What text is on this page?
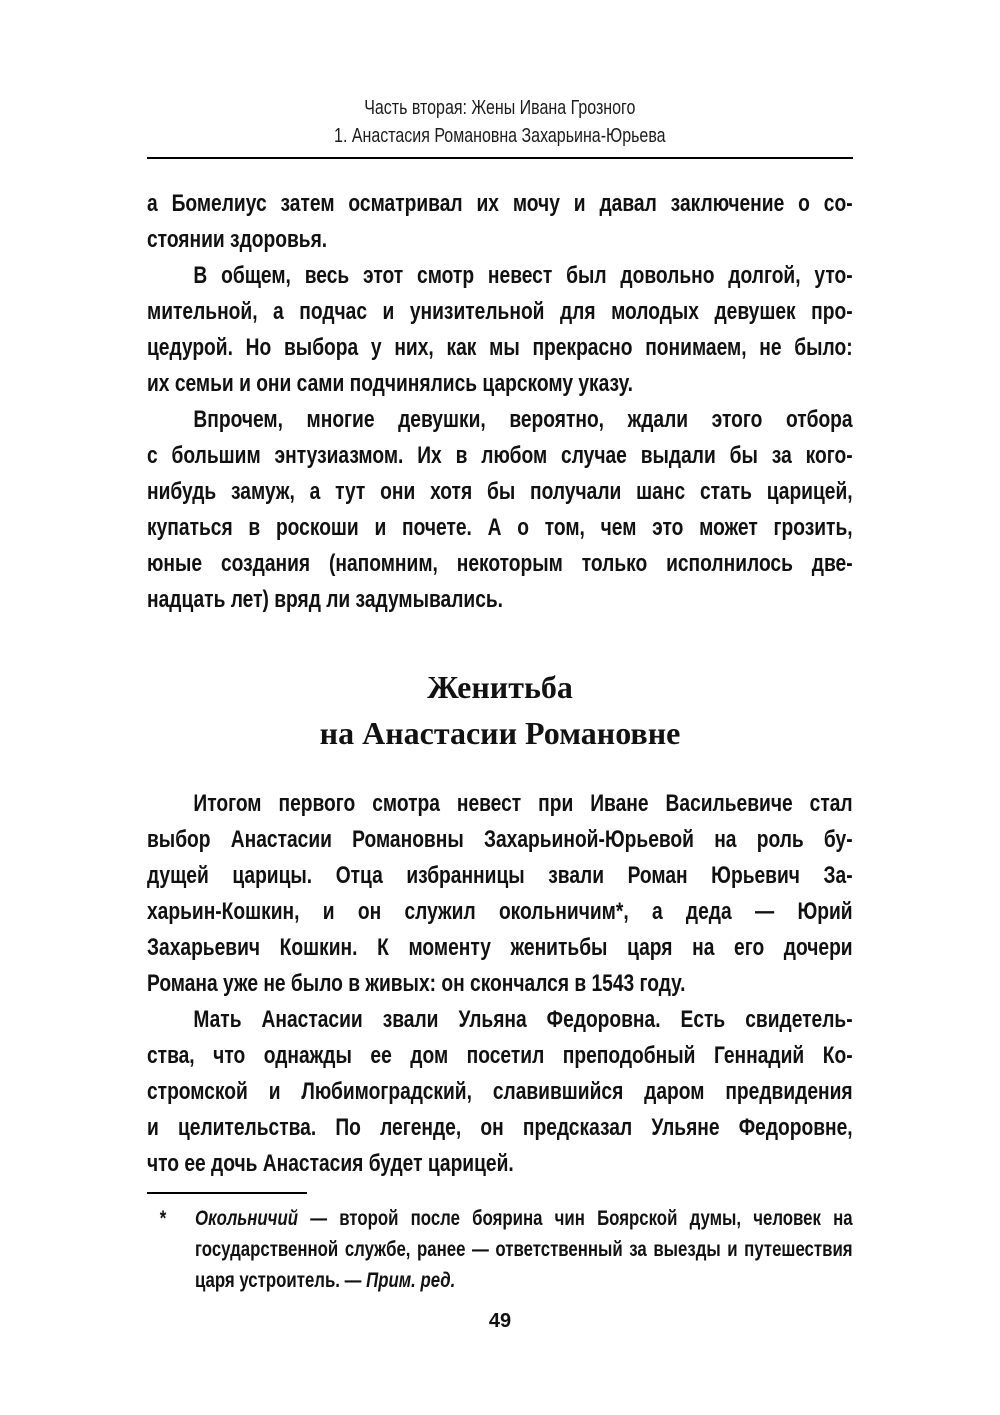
Часть вторая: Жены Ивана Грозного
1. Анастасия Романовна Захарьина-Юрьева
а Бомелиус затем осматривал их мочу и давал заключение о со-
стоянии здоровья.
В общем, весь этот смотр невест был довольно долгой, уто-
мительной, а подчас и унизительной для молодых девушек про-
цедурой. Но выбора у них, как мы прекрасно понимаем, не было:
их семьи и они сами подчинялись царскому указу.
Впрочем, многие девушки, вероятно, ждали этого отбора
с большим энтузиазмом. Их в любом случае выдали бы за кого-
нибудь замуж, а тут они хотя бы получали шанс стать царицей,
купаться в роскоши и почете. А о том, чем это может грозить,
юные создания (напомним, некоторым только исполнилось две-
надцать лет) вряд ли задумывались.
Женитьба
на Анастасии Романовне
Итогом первого смотра невест при Иване Васильевиче стал
выбор Анастасии Романовны Захарьиной-Юрьевой на роль бу-
дущей царицы. Отца избранницы звали Роман Юрьевич За-
харьин-Кошкин, и он служил окольничим*, а деда — Юрий
Захарьевич Кошкин. К моменту женитьбы царя на его дочери
Романа уже не было в живых: он скончался в 1543 году.
Мать Анастасии звали Ульяна Федоровна. Есть свидетель-
ства, что однажды ее дом посетил преподобный Геннадий Ко-
стромской и Любимоградский, славившийся даром предвидения
и целительства. По легенде, он предсказал Ульяне Федоровне,
что ее дочь Анастасия будет царицей.
*	Окольничий — второй после боярина чин Боярской думы, человек на государственной службе, ранее — ответственный за выезды и путешествия царя устроитель. — Прим. ред.
49
